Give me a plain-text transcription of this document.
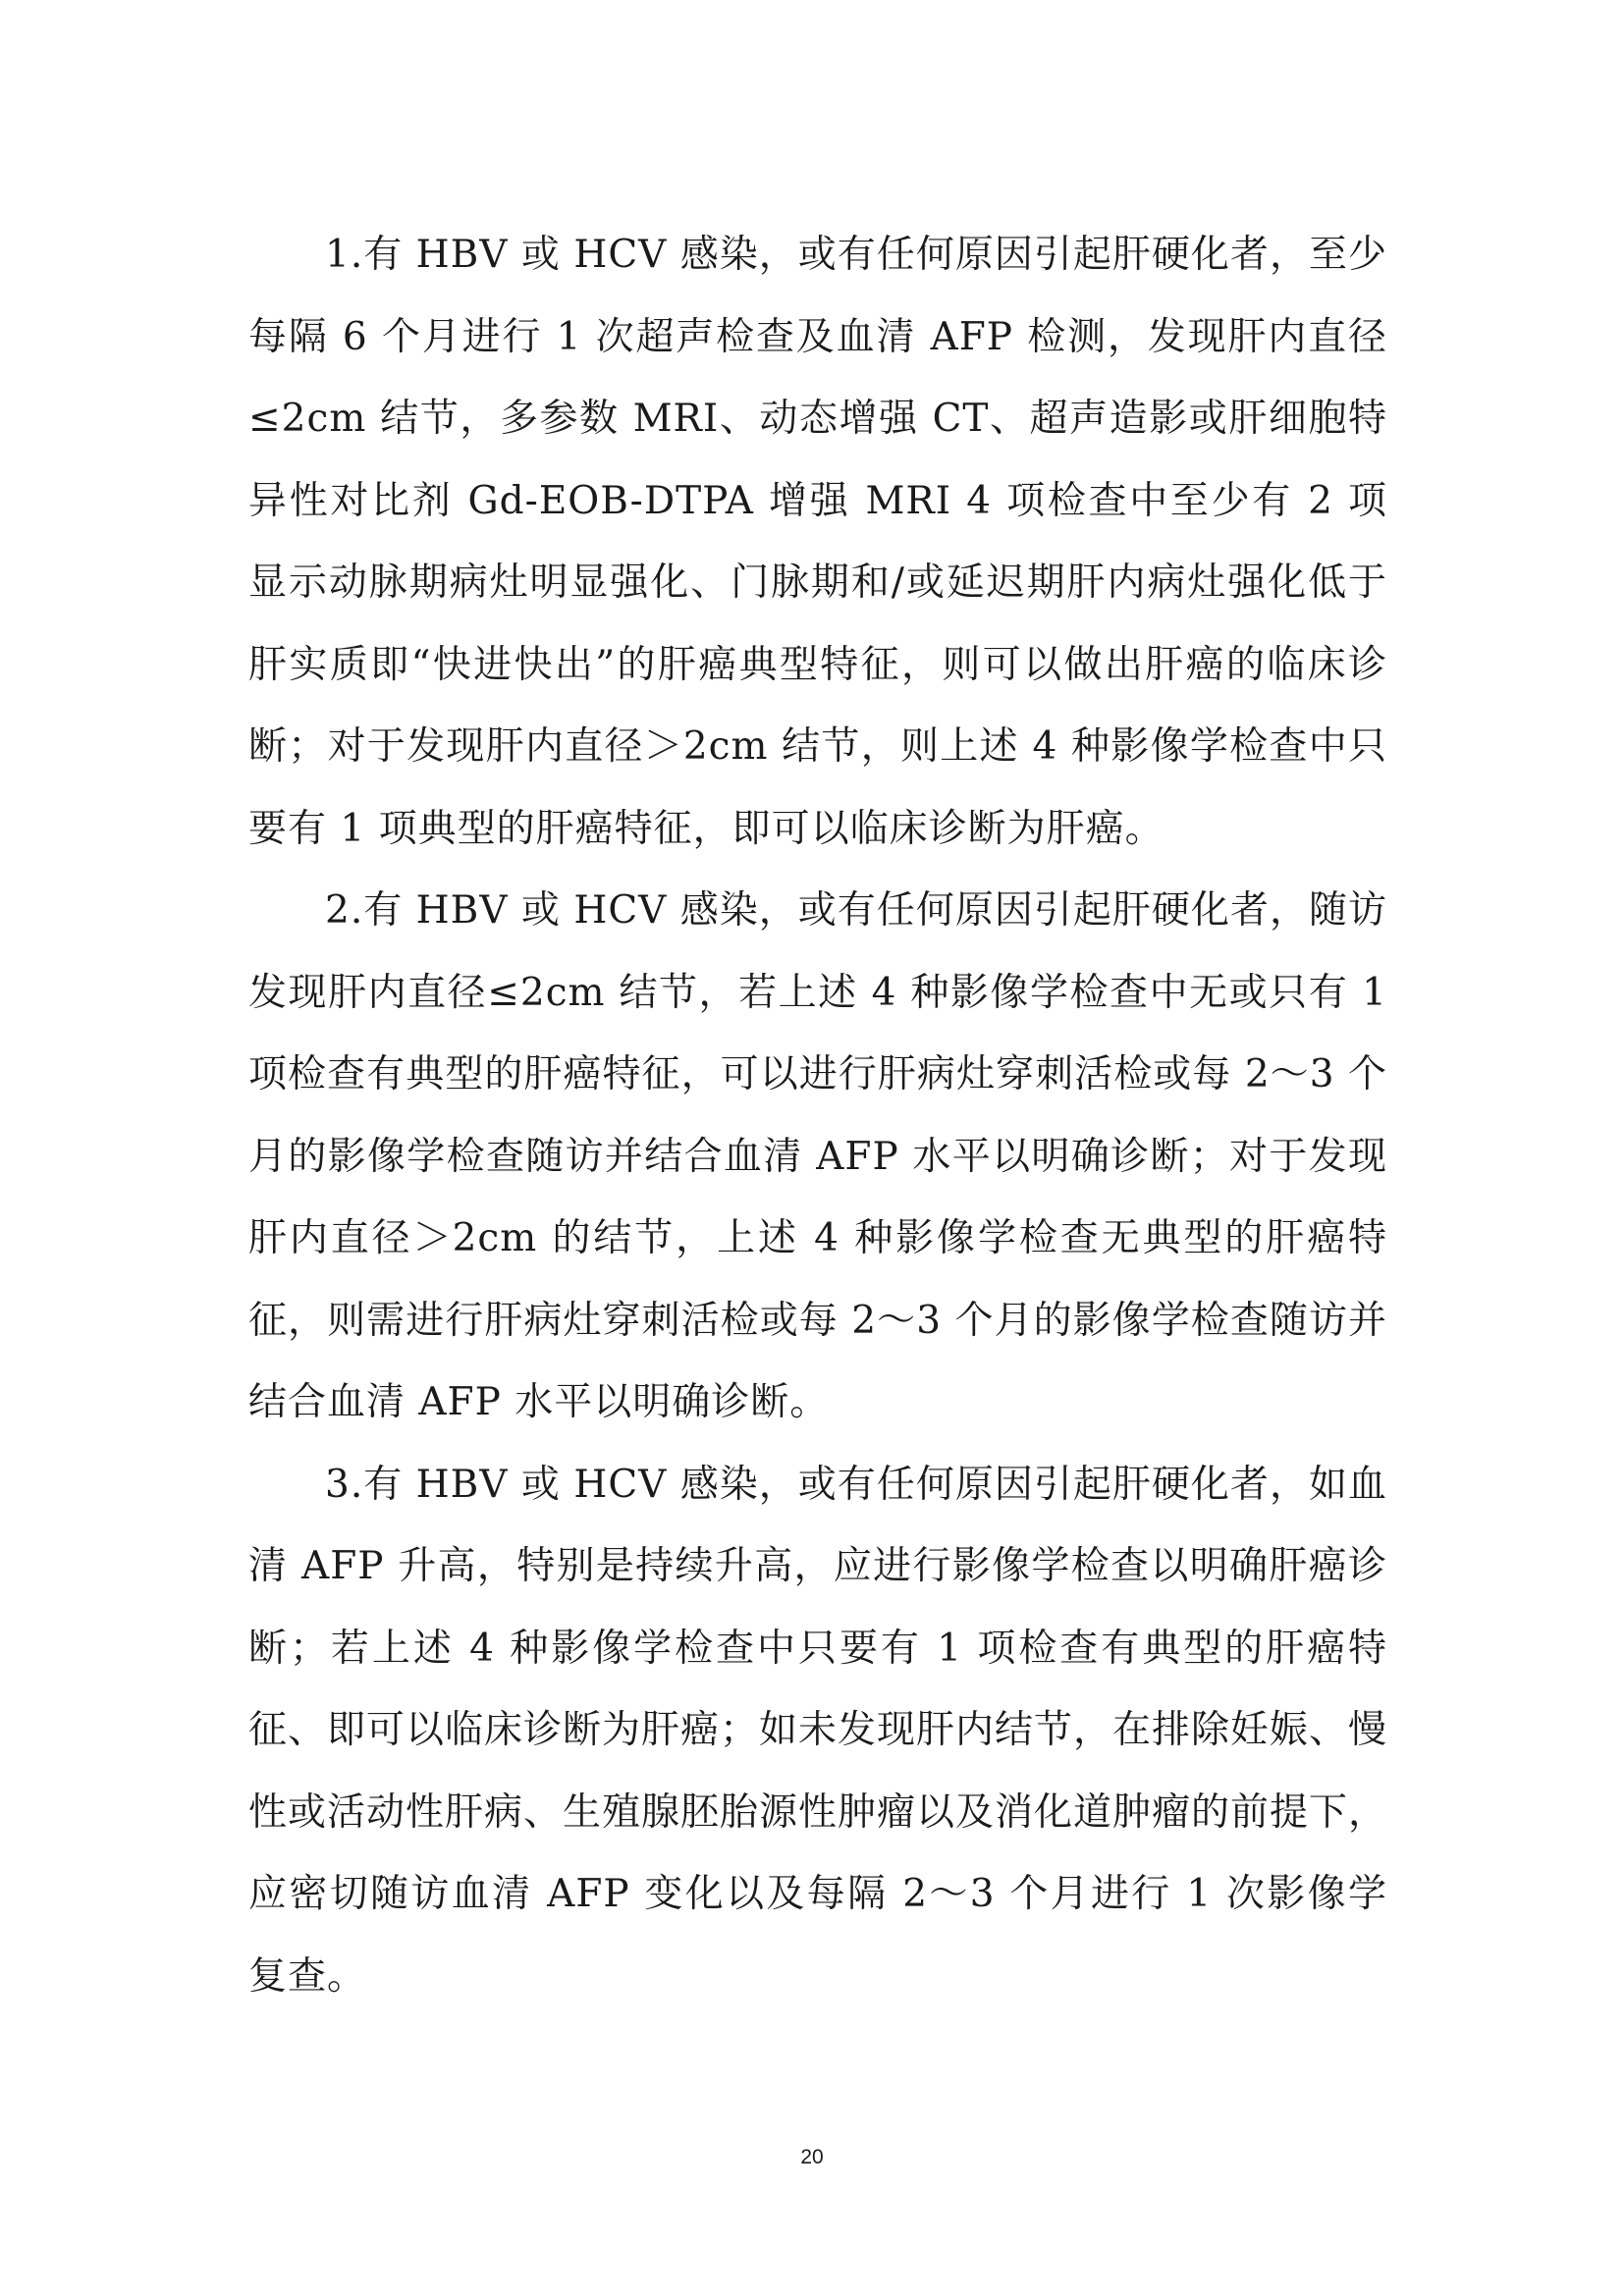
1.有 HBV 或 HCV 感染，或有任何原因引起肝硬化者，至少每隔 6 个月进行 1 次超声检查及血清 AFP 检测，发现肝内直径≤2cm 结节，多参数 MRI、动态增强 CT、超声造影或肝细胞特异性对比剂 Gd-EOB-DTPA 增强 MRI 4 项检查中至少有 2 项显示动脉期病灶明显强化、门脉期和/或延迟期肝内病灶强化低于肝实质即“快进快出”的肝癌典型特征，则可以做出肝癌的临床诊断；对于发现肝内直径＞2cm 结节，则上述 4 种影像学检查中只要有 1 项典型的肝癌特征，即可以临床诊断为肝癌。

2.有 HBV 或 HCV 感染，或有任何原因引起肝硬化者，随访发现肝内直径≤2cm 结节，若上述 4 种影像学检查中无或只有 1 项检查有典型的肝癌特征，可以进行肝病灶穿刺活检或每 2～3 个月的影像学检查随访并结合血清 AFP 水平以明确诊断；对于发现肝内直径＞2cm 的结节，上述 4 种影像学检查无典型的肝癌特征，则需进行肝病灶穿刺活检或每 2～3 个月的影像学检查随访并结合血清 AFP 水平以明确诊断。

3.有 HBV 或 HCV 感染，或有任何原因引起肝硬化者，如血清 AFP 升高，特别是持续升高，应进行影像学检查以明确肝癌诊断；若上述 4 种影像学检查中只要有 1 项检查有典型的肝癌特征、即可以临床诊断为肝癌；如未发现肝内结节，在排除妊娠、慢性或活动性肝病、生殖腺胚胎源性肿瘤以及消化道肿瘤的前提下，应密切随访血清 AFP 变化以及每隔 2～3 个月进行 1 次影像学复查。

20
